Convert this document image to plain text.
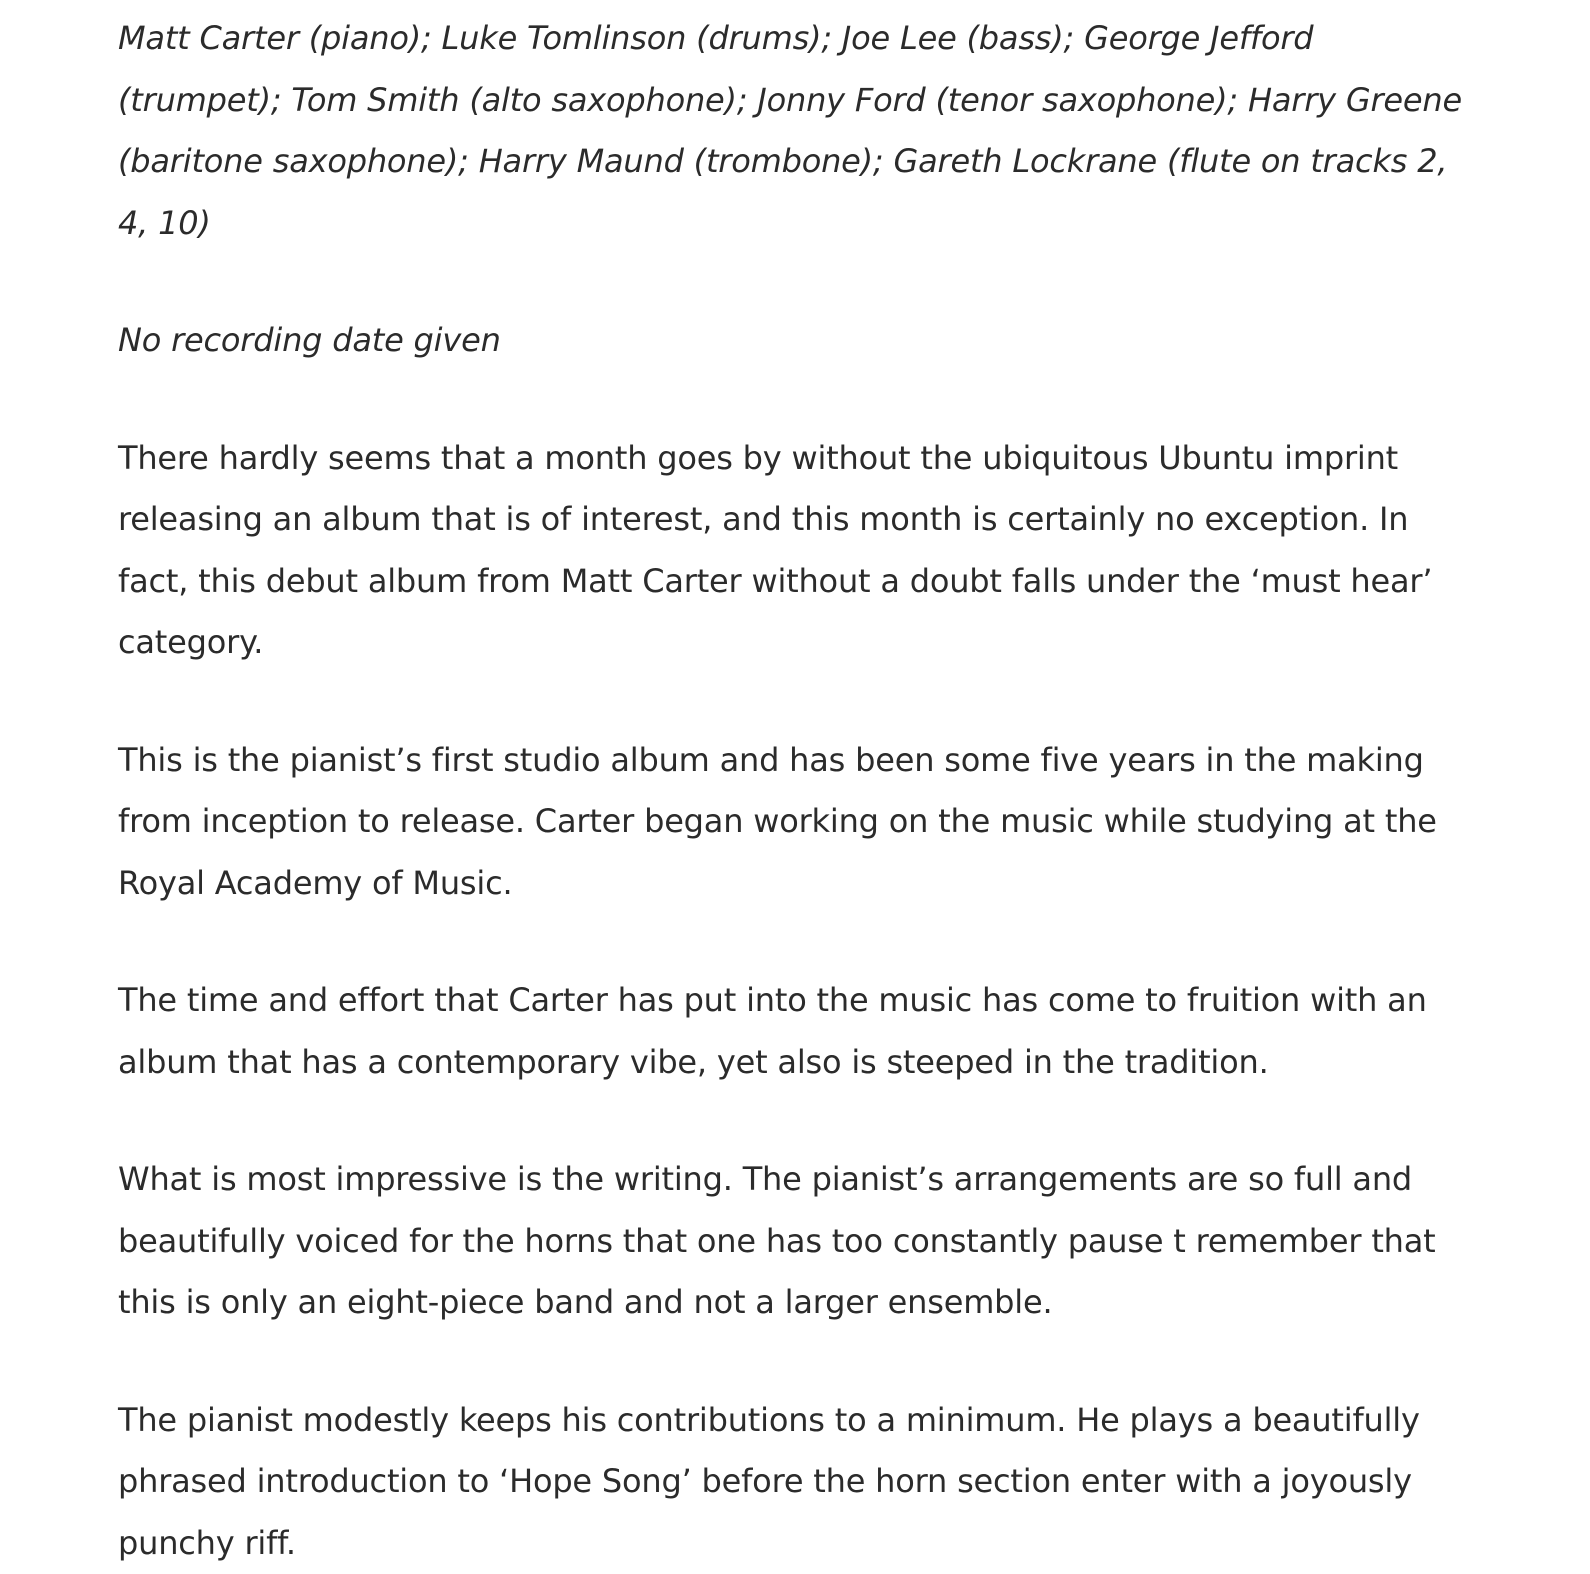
Matt Carter (piano); Luke Tomlinson (drums); Joe Lee (bass); George Jefford (trumpet); Tom Smith (alto saxophone); Jonny Ford (tenor saxophone); Harry Greene (baritone saxophone); Harry Maund (trombone); Gareth Lockrane (flute on tracks 2, 4, 10)

No recording date given

There hardly seems that a month goes by without the ubiquitous Ubuntu imprint releasing an album that is of interest, and this month is certainly no exception. In fact, this debut album from Matt Carter without a doubt falls under the ‘must hear’ category.

This is the pianist’s first studio album and has been some five years in the making from inception to release. Carter began working on the music while studying at the Royal Academy of Music.

The time and effort that Carter has put into the music has come to fruition with an album that has a contemporary vibe, yet also is steeped in the tradition.

What is most impressive is the writing. The pianist’s arrangements are so full and beautifully voiced for the horns that one has too constantly pause t remember that this is only an eight-piece band and not a larger ensemble.

The pianist modestly keeps his contributions to a minimum. He plays a beautifully phrased introduction to ‘Hope Song’ before the horn section enter with a joyously punchy riff.
